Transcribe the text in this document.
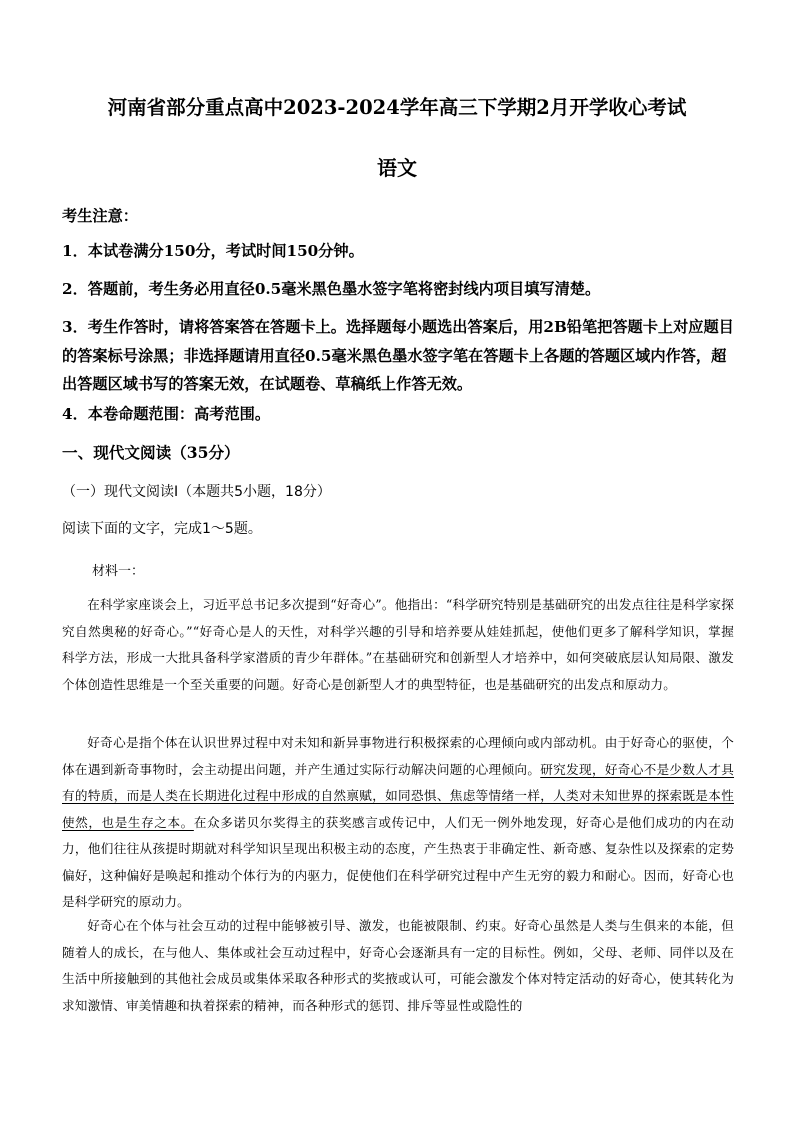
河南省部分重点高中2023-2024学年高三下学期2月开学收心考试
语文
考生注意：
1．本试卷满分150分，考试时间150分钟。
2．答题前，考生务必用直径0.5毫米黑色墨水签字笔将密封线内项目填写清楚。
3．考生作答时，请将答案答在答题卡上。选择题每小题选出答案后，用2B铅笔把答题卡上对应题目的答案标号涂黑；非选择题请用直径0.5毫米黑色墨水签字笔在答题卡上各题的答题区域内作答，超出答题区域书写的答案无效，在试题卷、草稿纸上作答无效。
4．本卷命题范围：高考范围。
一、现代文阅读（35分）
（一）现代文阅读Ⅰ（本题共5小题，18分）
阅读下面的文字，完成1～5题。
材料一：
在科学家座谈会上，习近平总书记多次提到“好奇心”。他指出：“科学研究特别是基础研究的出发点往往是科学家探究自然奥秘的好奇心。”“好奇心是人的天性，对科学兴趣的引导和培养要从娃娃抓起，使他们更多了解科学知识，掌握科学方法，形成一大批具备科学家潜质的青少年群体。”在基础研究和创新型人才培养中，如何突破底层认知局限、激发个体创造性思维是一个至关重要的问题。好奇心是创新型人才的典型特征，也是基础研究的出发点和原动力。
好奇心是指个体在认识世界过程中对未知和新异事物进行积极探索的心理倾向或内部动机。由于好奇心的驱使，个体在遇到新奇事物时，会主动提出问题，并产生通过实际行动解决问题的心理倾向。研究发现，好奇心不是少数人才具有的特质，而是人类在长期进化过程中形成的自然禀赋，如同恐惧、焦虑等情绪一样，人类对未知世界的探索既是本性使然，也是生存之本。在众多诺贝尔奖得主的获奖感言或传记中，人们无一例外地发现，好奇心是他们成功的内在动力，他们往往从孩提时期就对科学知识呈现出积极主动的态度，产生热衷于非确定性、新奇感、复杂性以及探索的定势偏好，这种偏好是唤起和推动个体行为的内驱力，促使他们在科学研究过程中产生无穷的毅力和耐心。因而，好奇心也是科学研究的原动力。
好奇心在个体与社会互动的过程中能够被引导、激发，也能被限制、约束。好奇心虽然是人类与生俱来的本能，但随着人的成长，在与他人、集体或社会互动过程中，好奇心会逐渐具有一定的目标性。例如，父母、老师、同伴以及在生活中所接触到的其他社会成员或集体采取各种形式的奖掖或认可，可能会激发个体对特定活动的好奇心，使其转化为求知激情、审美情趣和执着探索的精神，而各种形式的惩罚、排斥等显性或隐性的
